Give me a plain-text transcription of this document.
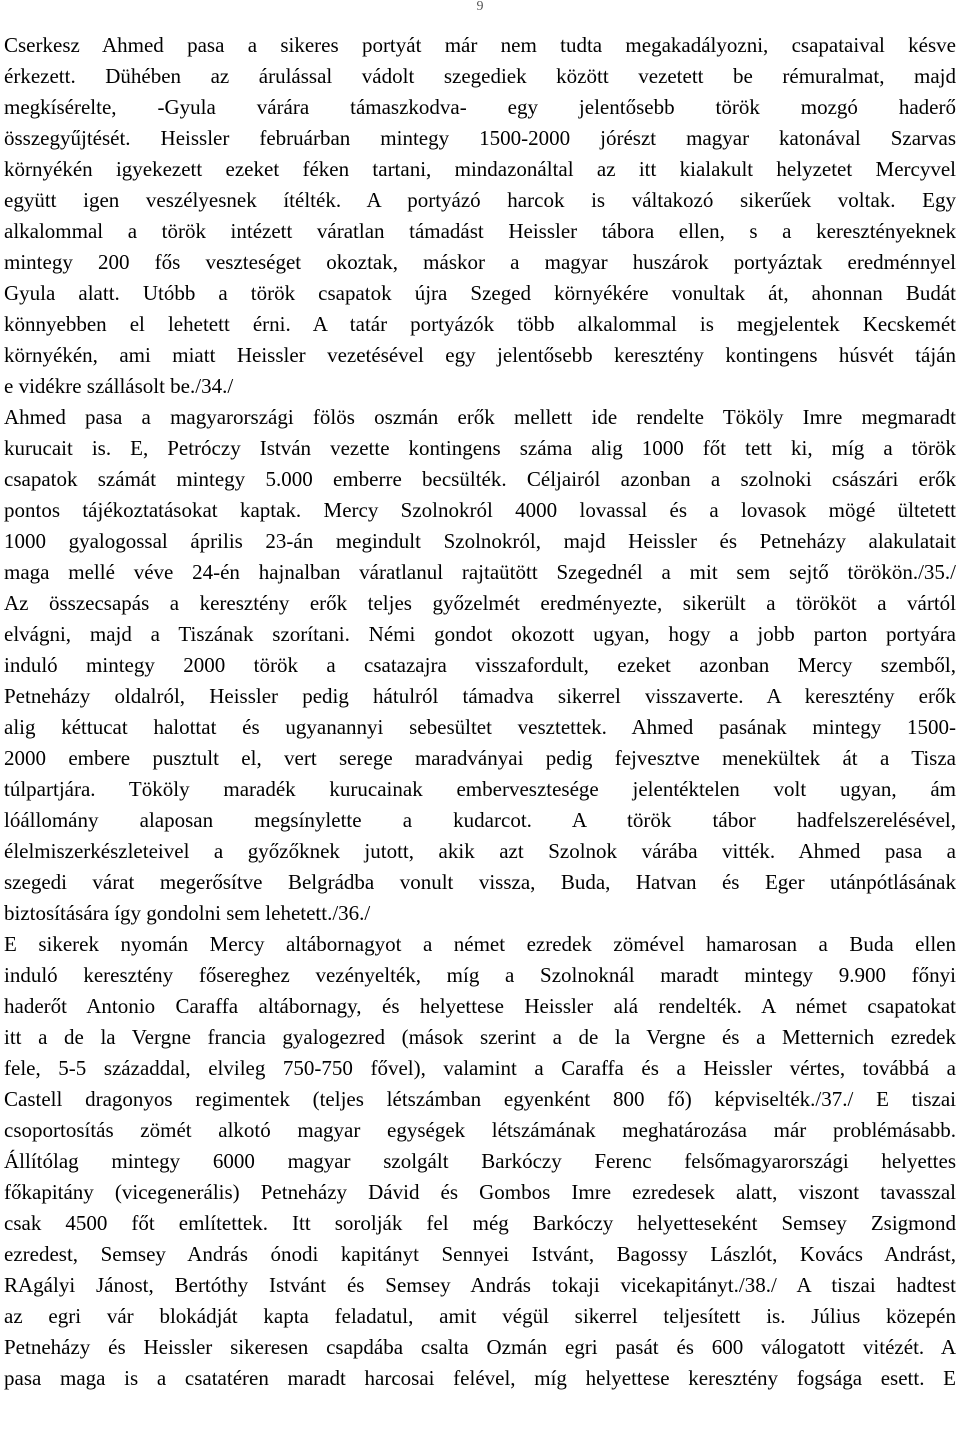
9
Cserkesz Ahmed pasa a sikeres portyát már nem tudta megakadályozni, csapataival késve
érkezett. Dühében az árulással vádolt szegediek között vezetett be rémuralmat, majd
megkísérelte, -Gyula várára támaszkodva- egy jelentősebb török mozgó haderő
összegyűjtését. Heissler februárban mintegy 1500-2000 jórészt magyar katonával Szarvas
környékén igyekezett ezeket féken tartani, mindazonáltal az itt kialakult helyzetet Mercyvel
együtt igen veszélyesnek ítélték. A portyázó harcok is váltakozó sikerűek voltak. Egy
alkalommal a török intézett váratlan támadást Heissler tábora ellen, s a keresztényeknek
mintegy 200 fős veszteséget okoztak, máskor a magyar huszárok portyáztak eredménnyel
Gyula alatt. Utóbb a török csapatok újra Szeged környékére vonultak át, ahonnan Budát
könnyebben el lehetett érni. A tatár portyázók több alkalommal is megjelentek Kecskemét
környékén, ami miatt Heissler vezetésével egy jelentősebb keresztény kontingens húsvét táján
e vidékre szállásolt be./34./
Ahmed pasa a magyarországi fölös oszmán erők mellett ide rendelte Tököly Imre megmaradt
kurucait is. E, Petróczy István vezette kontingens száma alig 1000 főt tett ki, míg a török
csapatok számát mintegy 5.000 emberre becsülték. Céljairól azonban a szolnoki császári erők
pontos tájékoztatásokat kaptak. Mercy Szolnokról 4000 lovassal és a lovasok mögé ültetett
1000 gyalogossal április 23-án megindult Szolnokról, majd Heissler és Petneházy alakulatait
maga mellé véve 24-én hajnalban váratlanul rajtaütött Szegednél a mit sem sejtő törökön./35./
Az összecsapás a keresztény erők teljes győzelmét eredményezte, sikerült a törököt a vártól
elvágni, majd a Tiszának szorítani. Némi gondot okozott ugyan, hogy a jobb parton portyára
induló mintegy 2000 török a csatazajra visszafordult, ezeket azonban Mercy szemből,
Petneházy oldalról, Heissler pedig hátulról támadva sikerrel visszaverte. A keresztény erők
alig kéttucat halottat és ugyanannyi sebesültet vesztettek. Ahmed pasának mintegy 1500-
2000 embere pusztult el, vert serege maradványai pedig fejvesztve menekültek át a Tisza
túlpartjára. Tököly maradék kurucainak emberveszteségе jelentéktelen volt ugyan, ám
lóállomány alaposan megsínylette a kudarcot. A török tábor hadfelszerelésével,
élelmiszerkészleteivel a győzőknek jutott, akik azt Szolnok várába vitték. Ahmed pasa a
szegedi várat megerősítve Belgrádba vonult vissza, Buda, Hatvan és Eger utánpótlásának
biztosítására így gondolni sem lehetett./36./
E sikerek nyomán Mercy altábornagyot a német ezredek zömével hamarosan a Buda ellen
induló keresztény fősereghez vezényelték, míg a Szolnoknál maradt mintegy 9.900 főnyi
haderőt Antonio Caraffa altábornagy, és helyettese Heissler alá rendelték. A német csapatokat
itt a de la Vergne francia gyalogezred (mások szerint a de la Vergne és a Metternich ezredek
fele, 5-5 századdal, elvileg 750-750 fővel), valamint a Caraffa és a Heissler vértes, továbbá a
Castell dragonyos regimentek (teljes létszámban egyenként 800 fő) képviselték./37./ E tiszai
csoportosítás zömét alkotó magyar egységek létszámának meghatározása már problémásabb.
Állítólag mintegy 6000 magyar szolgált Barkóczy Ferenc felsőmagyarországi helyettes
főkapitány (vicegenerális) Petneházy Dávid és Gombos Imre ezredesek alatt, viszont tavasszal
csak 4500 főt említettek. Itt sorolják fel még Barkóczy helyetteseként Semsey Zsigmond
ezredest, Semsey András ónodi kapitányt Sennyei Istvánt, Bagossy Lászlót, Kovács Andrást,
RAgályi Jánost, Bertóthy Istvánt és Semsey András tokaji vicekapitányt./38./ A tiszai hadtest
az egri vár blokádját kapta feladatul, amit végül sikerrel teljesített is. Július közepén
Petneházy és Heissler sikeresen csapdába csalta Ozmán egri pasát és 600 válogatott vitézét. A
pasa maga is a csatatéren maradt harcosai felével, míg helyettese keresztény fogsága esett. E
